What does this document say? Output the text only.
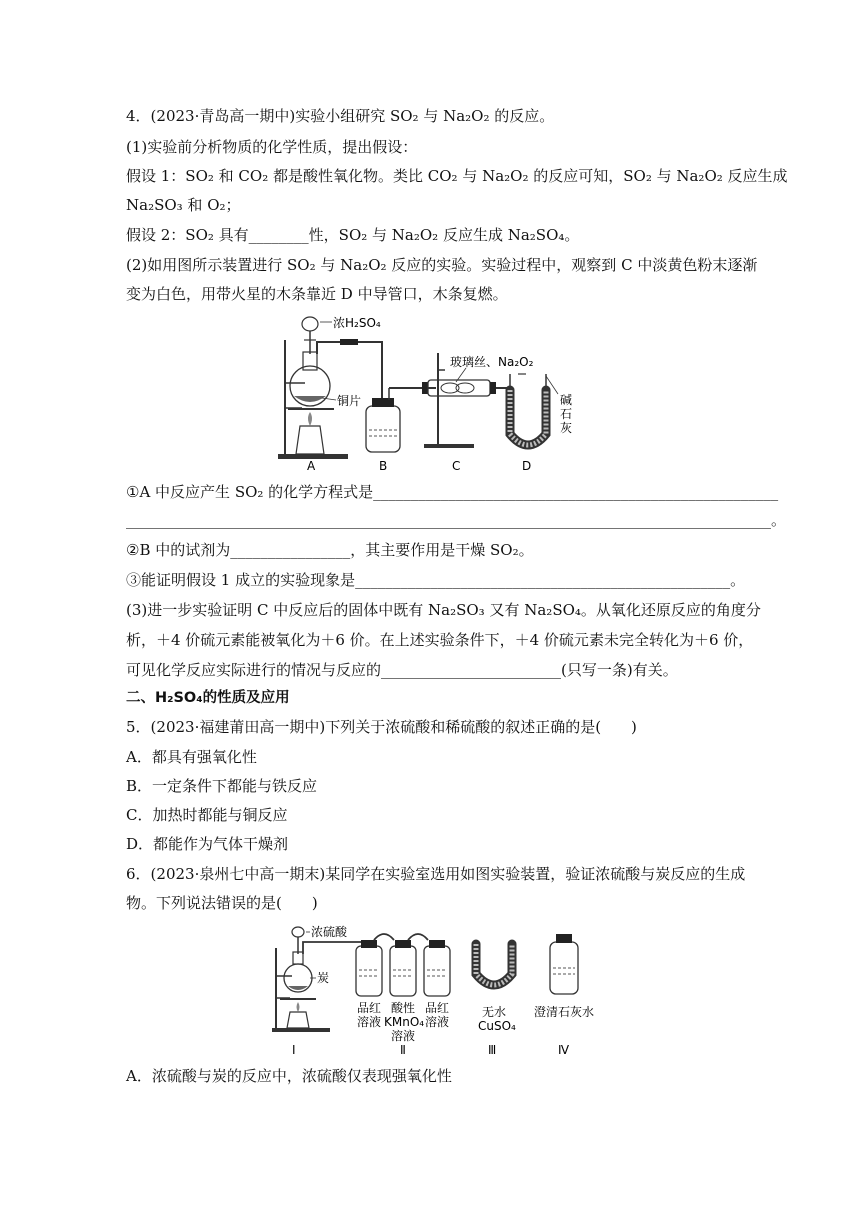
4．(2023·青岛高一期中)实验小组研究 SO₂ 与 Na₂O₂ 的反应。
(1)实验前分析物质的化学性质，提出假设：
假设 1：SO₂ 和 CO₂ 都是酸性氧化物。类比 CO₂ 与 Na₂O₂ 的反应可知，SO₂ 与 Na₂O₂ 反应生成
Na₂SO₃ 和 O₂；
假设 2：SO₂ 具有________性，SO₂ 与 Na₂O₂ 反应生成 Na₂SO₄。
(2)如用图所示装置进行 SO₂ 与 Na₂O₂ 反应的实验。实验过程中，观察到 C 中淡黄色粉末逐渐
变为白色，用带火星的木条靠近 D 中导管口，木条复燃。
浓H₂SO₄
铜片
玻璃丝、Na₂O₂
碱
石
灰
A	B	C	D
①A 中反应产生 SO₂ 的化学方程式是______________________________________________________
______________________________________________________________________________________。
②B 中的试剂为________________，其主要作用是干燥 SO₂。
③能证明假设 1 成立的实验现象是__________________________________________________。
(3)进一步实验证明 C 中反应后的固体中既有 Na₂SO₃ 又有 Na₂SO₄。从氧化还原反应的角度分
析，＋4 价硫元素能被氧化为＋6 价。在上述实验条件下，＋4 价硫元素未完全转化为＋6 价，
可见化学反应实际进行的情况与反应的________________________(只写一条)有关。
二、H₂SO₄的性质及应用
5．(2023·福建莆田高一期中)下列关于浓硫酸和稀硫酸的叙述正确的是(　　)
A．都具有强氧化性
B．一定条件下都能与铁反应
C．加热时都能与铜反应
D．都能作为气体干燥剂
6．(2023·泉州七中高一期末)某同学在实验室选用如图实验装置，验证浓硫酸与炭反应的生成
物。下列说法错误的是(　　)
浓硫酸
炭
品红
溶液
酸性
KMnO₄
溶液
品红
溶液
无水
CuSO₄
澄清石灰水
Ⅰ	Ⅱ	Ⅲ	Ⅳ
A．浓硫酸与炭的反应中，浓硫酸仅表现强氧化性
